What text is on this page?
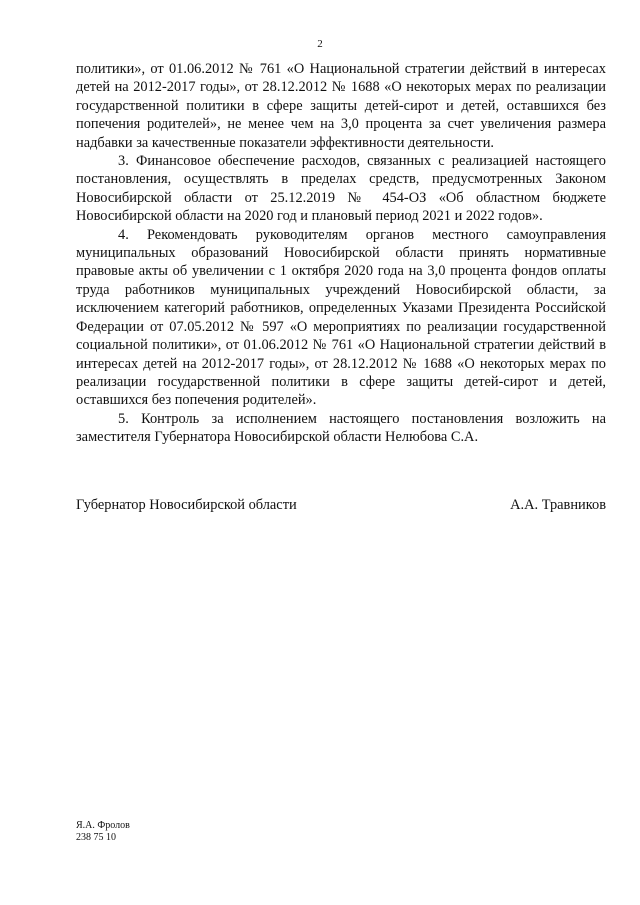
2

политики», от 01.06.2012 № 761 «О Национальной стратегии действий в интересах детей на 2012-2017 годы», от 28.12.2012 № 1688 «О некоторых мерах по реализации государственной политики в сфере защиты детей-сирот и детей, оставшихся без попечения родителей», не менее чем на 3,0 процента за счет увеличения размера надбавки за качественные показатели эффективности деятельности.

3. Финансовое обеспечение расходов, связанных с реализацией настоящего постановления, осуществлять в пределах средств, предусмотренных Законом Новосибирской области от 25.12.2019 № 454-ОЗ «Об областном бюджете Новосибирской области на 2020 год и плановый период 2021 и 2022 годов».

4. Рекомендовать руководителям органов местного самоуправления муниципальных образований Новосибирской области принять нормативные правовые акты об увеличении с 1 октября 2020 года на 3,0 процента фондов оплаты труда работников муниципальных учреждений Новосибирской области, за исключением категорий работников, определенных Указами Президента Российской Федерации от 07.05.2012 № 597 «О мероприятиях по реализации государственной социальной политики», от 01.06.2012 № 761 «О Национальной стратегии действий в интересах детей на 2012-2017 годы», от 28.12.2012 № 1688 «О некоторых мерах по реализации государственной политики в сфере защиты детей-сирот и детей, оставшихся без попечения родителей».

5. Контроль за исполнением настоящего постановления возложить на заместителя Губернатора Новосибирской области Нелюбова С.А.

Губернатор Новосибирской области	А.А. Травников
Я.А. Фролов
238 75 10
